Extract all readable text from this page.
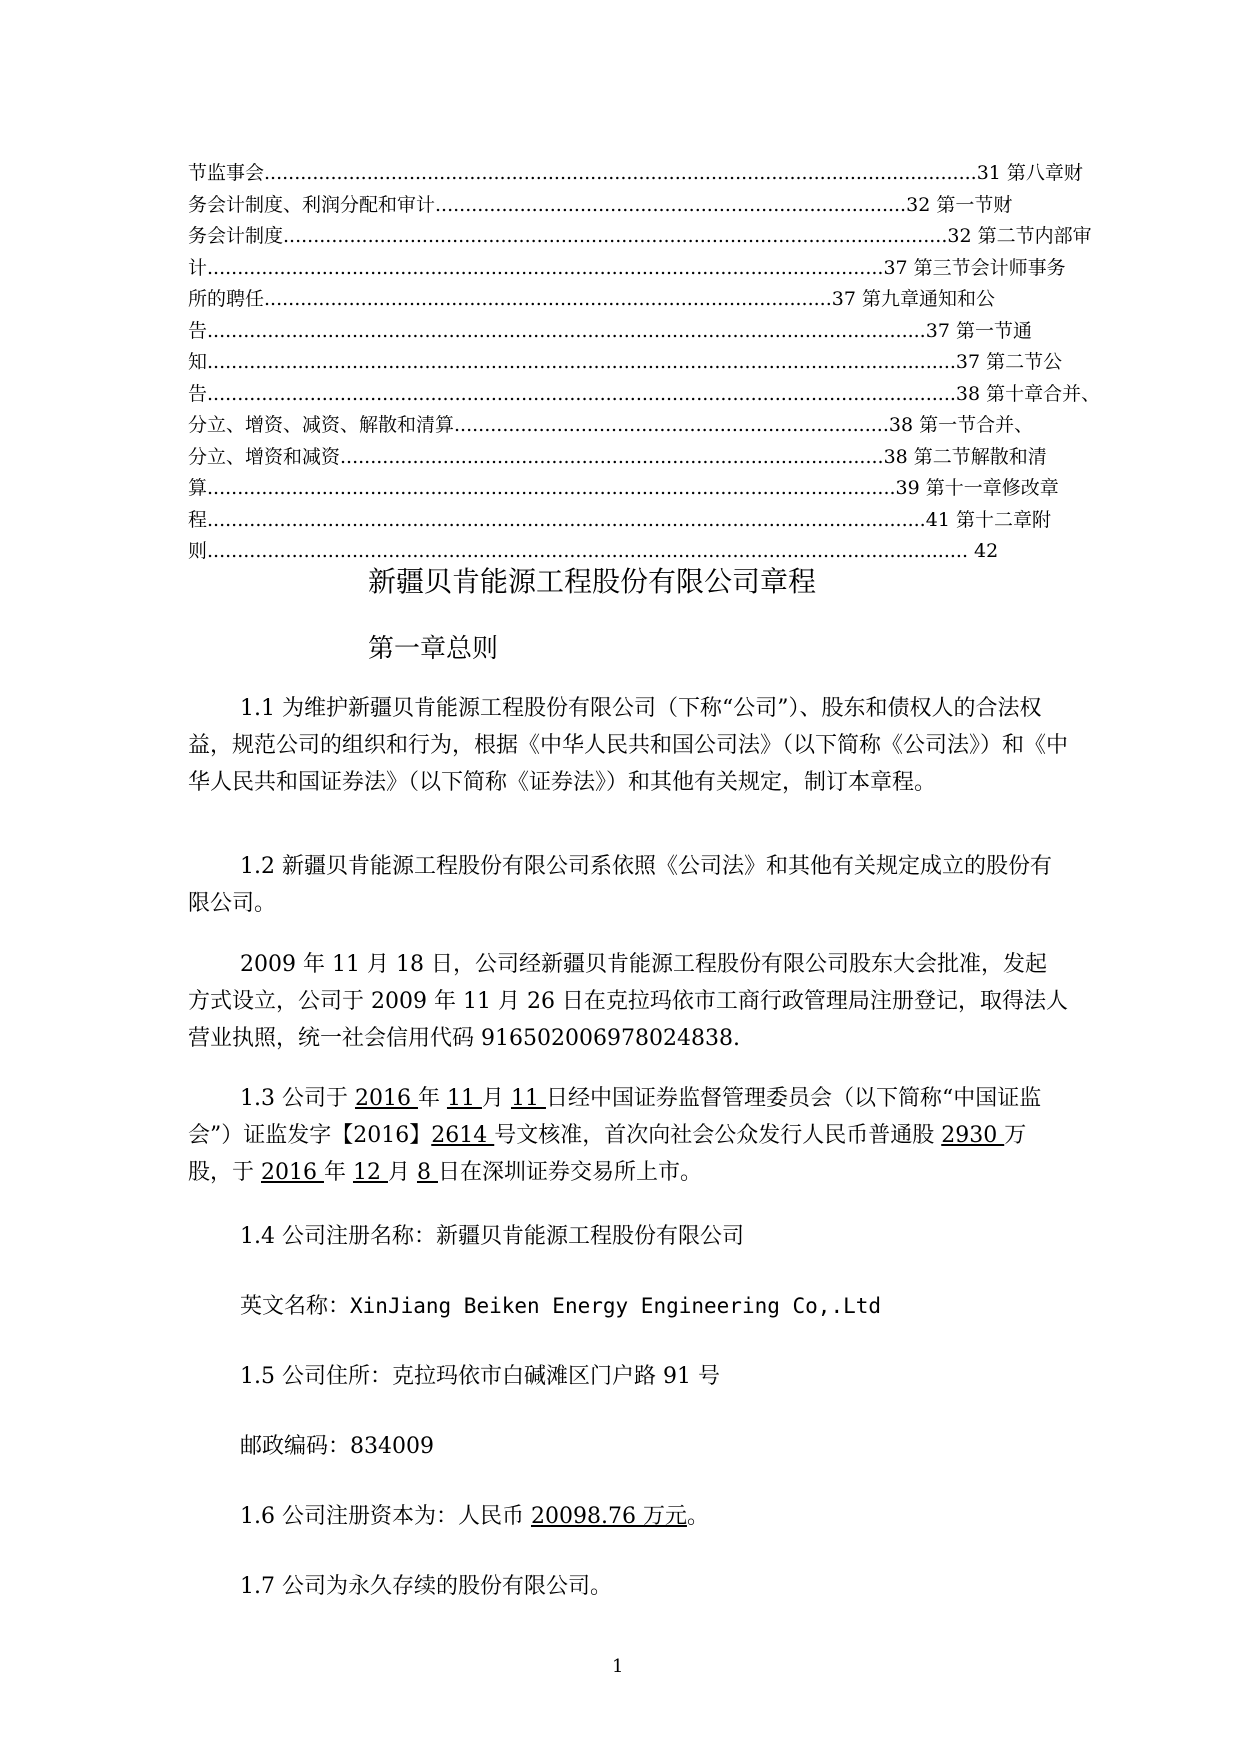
节监事会......................................................................................................................31 第八章财
务会计制度、利润分配和审计..............................................................................32 第一节财
务会计制度..............................................................................................................32 第二节内部审
计................................................................................................................37 第三节会计师事务
所的聘任..............................................................................................37 第九章通知和公
告.......................................................................................................................37 第一节通
知............................................................................................................................37 第二节公
告............................................................................................................................38 第十章合并、
分立、增资、减资、解散和清算........................................................................38 第一节合并、
分立、增资和减资..........................................................................................38 第二节解散和清
算..................................................................................................................39 第十一章修改章
程.......................................................................................................................41 第十二章附
则.............................................................................................................................. 42
新疆贝肯能源工程股份有限公司章程
第一章总则
1.1 为维护新疆贝肯能源工程股份有限公司（下称“公司”）、股东和债权人的合法权益，规范公司的组织和行为，根据《中华人民共和国公司法》（以下简称《公司法》）和《中华人民共和国证券法》（以下简称《证券法》）和其他有关规定，制订本章程。
1.2 新疆贝肯能源工程股份有限公司系依照《公司法》和其他有关规定成立的股份有限公司。
2009 年 11 月 18 日，公司经新疆贝肯能源工程股份有限公司股东大会批准，发起方式设立，公司于 2009 年 11 月 26 日在克拉玛依市工商行政管理局注册登记，取得法人营业执照，统一社会信用代码 916502006978024838.
1.3 公司于 2016 年 11 月 11 日经中国证券监督管理委员会（以下简称“中国证监会”）证监发字【2016】2614 号文核准，首次向社会公众发行人民币普通股 2930 万股，于 2016 年 12 月 8 日在深圳证券交易所上市。
1.4 公司注册名称：新疆贝肯能源工程股份有限公司
英文名称：XinJiang Beiken Energy Engineering Co,.Ltd
1.5 公司住所：克拉玛依市白碱滩区门户路 91 号
邮政编码：834009
1.6 公司注册资本为：人民币 20098.76 万元。
1.7 公司为永久存续的股份有限公司。
1
